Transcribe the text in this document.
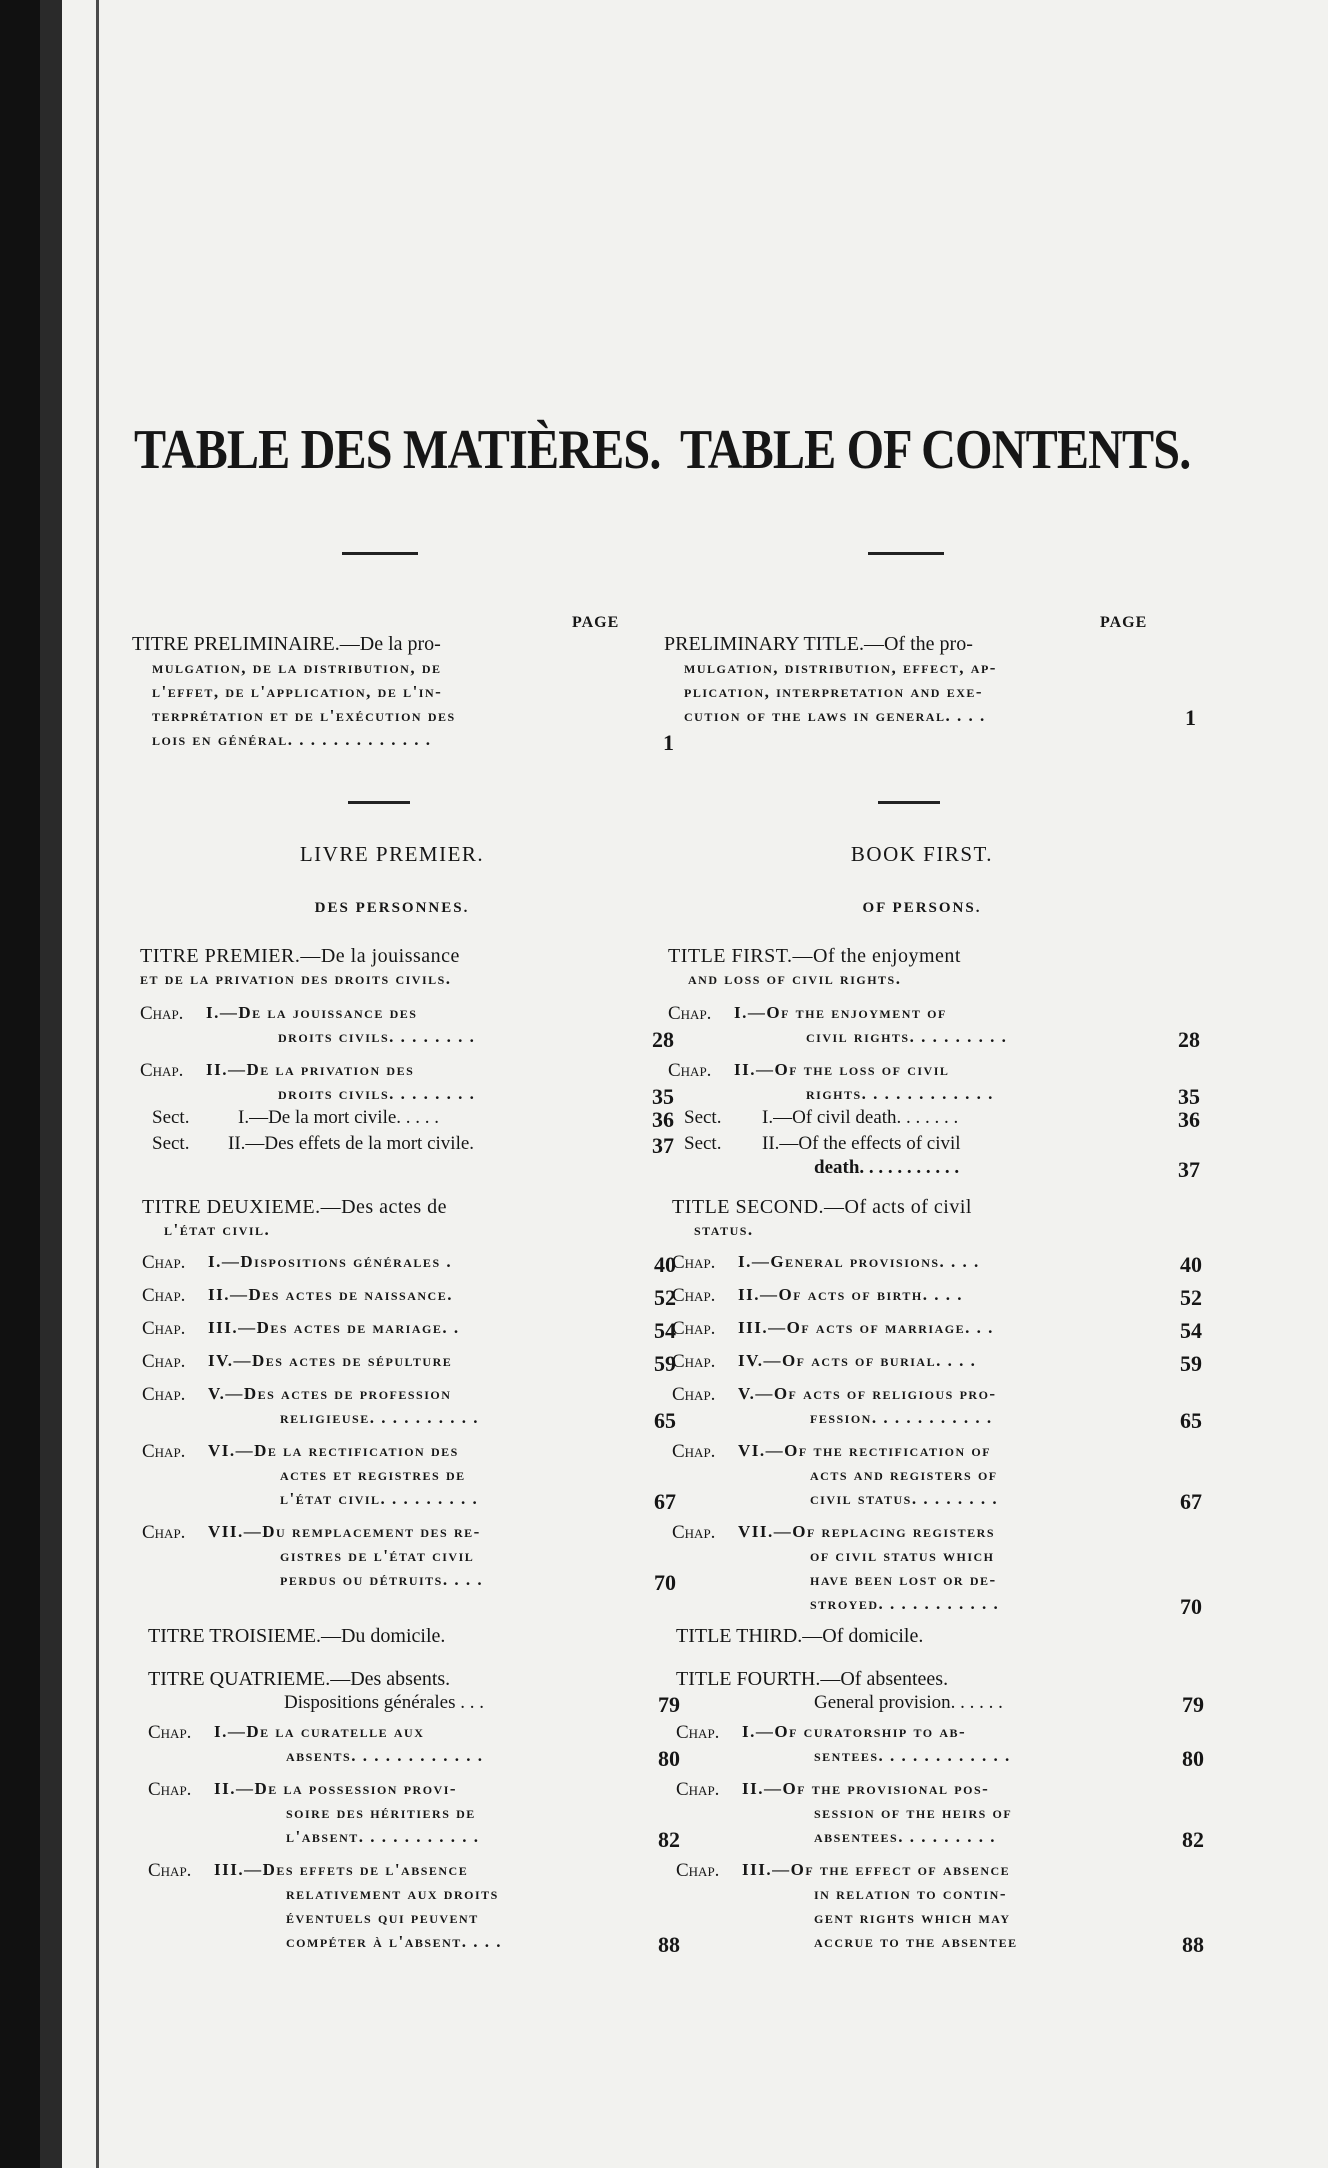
TABLE DES MATIÈRES. TABLE OF CONTENTS.
PAGE	PAGE
TITRE PRELIMINAIRE.—De la pro-
mulgation, de la distribution, de
l'effet, de l'application, de l'in-
terprétation et de l'exécution des
lois en général. . . . . . . . . . . . .	1
PRELIMINARY TITLE.—Of the pro-
mulgation, distribution, effect, ap-
plication, interpretation and exe-
cution of the laws in general. . . .	1
LIVRE PREMIER.
DES PERSONNES.
BOOK FIRST.
OF PERSONS.
TITRE PREMIER.—De la jouissance
et de la privation des droits civils.
Chap. I.—De la jouissance des
droits civils. . . . . . . .	28
Chap. II.—De la privation des
droits civils. . . . . . . .	35
Sect.	I.—De la mort civile. . . . .	36
Sect. II.—Des effets de la mort civile.	37
TITRE DEUXIEME.—Des actes de
l'état civil.
Chap. I.—Dispositions générales .	40
Chap. II.—Des actes de naissance.	52
Chap. III.—Des actes de mariage. .	54
Chap. IV.—Des actes de sépulture	59
Chap. V.—Des actes de profession
religieuse. . . . . . . . . .	65
Chap. VI.—De la rectification des
actes et registres de
l'état civil. . . . . . . . .	67
Chap. VII.—Du remplacement des re-
gistres de l'état civil
perdus ou détruits. . . .	70
TITRE TROISIEME.—Du domicile.
TITRE QUATRIEME.—Des absents.
Dispositions générales . . .	79
Chap. I.—De la curatelle aux
absents. . . . . . . . . . . .	80
Chap. II.—De la possession provi-
soire des héritiers de
l'absent. . . . . . . . . . .	82
Chap. III.—Des effets de l'absence
relativement aux droits
éventuels qui peuvent
compéter à l'absent. . . .	88
TITLE FIRST.—Of the enjoyment
and loss of civil rights.
Chap. I.—Of the enjoyment of
civil rights. . . . . . . . .	28
Chap. II.—Of the loss of civil
rights. . . . . . . . . . . .	35
Sect. I.—Of civil death. . . . . . .	36
Sect. II.—Of the effects of civil
death. . . . . . . . . . .	37
TITLE SECOND.—Of acts of civil
status.
Chap. I.—General provisions. . . .	40
Chap. II.—Of acts of birth. . . .	52
Chap. III.—Of acts of marriage. . .	54
Chap. IV.—Of acts of burial. . . .	59
Chap. V.—Of acts of religious pro-
fession. . . . . . . . . . .	65
Chap. VI.—Of the rectification of
acts and registers of
civil status. . . . . . . .	67
Chap. VII.—Of replacing registers
of civil status which
have been lost or de-
stroyed. . . . . . . . . . .	70
TITLE THIRD.—Of domicile.
TITLE FOURTH.—Of absentees.
General provision. . . . . .	79
Chap. I.—Of curatorship to ab-
sentees. . . . . . . . . . . .	80
Chap. II.—Of the provisional pos-
session of the heirs of
absentees. . . . . . . . .	82
Chap. III.—Of the effect of absence
in relation to contin-
gent rights which may
accrue to the absentee	88
